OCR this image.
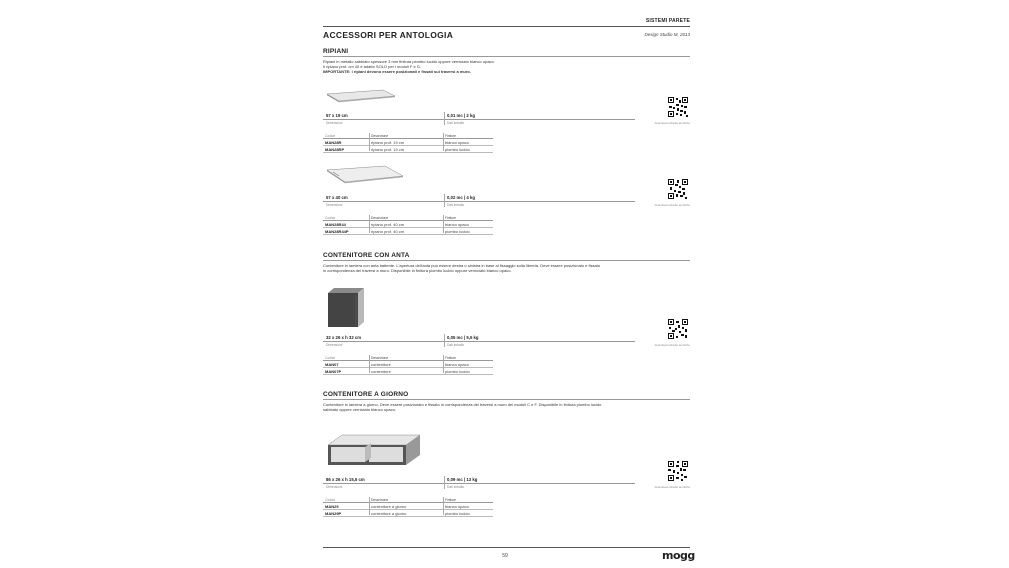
SISTEMI PARETE
ACCESSORI PER ANTOLOGIA	Design Studio M, 2013
RIPIANI
Ripiani in metallo sabbiato spessore 3 mm finitura piombo lucido oppure verniciato bianco opaco.
Il ripiano prof. cm 40 è adatto SOLO per i moduli F e G.
IMPORTANTE: i ripiani devono essere posizionati e fissati sui traversi a muro.
57 x 19 cm
Dimensioni
0,01 mc | 2 kg
Dati imballo	download schede tecniche
Codice	Descrizione	Finiture
MAN28R	ripiano prof. 19 cm	bianco opaco
MAN28RP	ripiano prof. 19 cm	piombo lucido
57 x 40 cm
Dimensioni
0,02 mc | 4 kg
Dati imballo	download schede tecniche
Codice	Descrizione	Finiture
MAN28R44	ripiano prof. 40 cm	bianco opaco
MAN28R44P	ripiano prof. 40 cm	piombo lucido
CONTENITORE CON ANTA
Contenitore in lamiera con anta battente. L'apertura dell'anta può essere destra o sinistra in base al fissaggio sulla libreria. Deve essere posizionato e fissato
in corrispondenza dei traversi a muro. Disponibile in finitura piombo lucido oppure verniciato bianco opaco.
32 x 26 x h 32 cm
Dimensioni
0,05 mc | 5,5 kg
Dati imballo	download schede tecniche
Codice	Descrizione	Finiture
MAN07	contenitore	bianco opaco
MAN07P	contenitore	piombo lucido
CONTENITORE A GIORNO
Contenitore in lamiera a giorno. Deve essere posizionato e fissato in corrispondenza dei traversi a muro dei moduli C e F. Disponibile in finitura piombo lucido
sabbiato oppure verniciato bianco opaco.
86 x 26 x h 15,5 cm
Dimensioni
0,09 mc | 13 kg
Dati imballo	download schede tecniche
Codice	Descrizione	Finiture
MAN29	contenitore a giorno	bianco opaco
MAN29P	contenitore a giorno	piombo lucido
59	mogg
